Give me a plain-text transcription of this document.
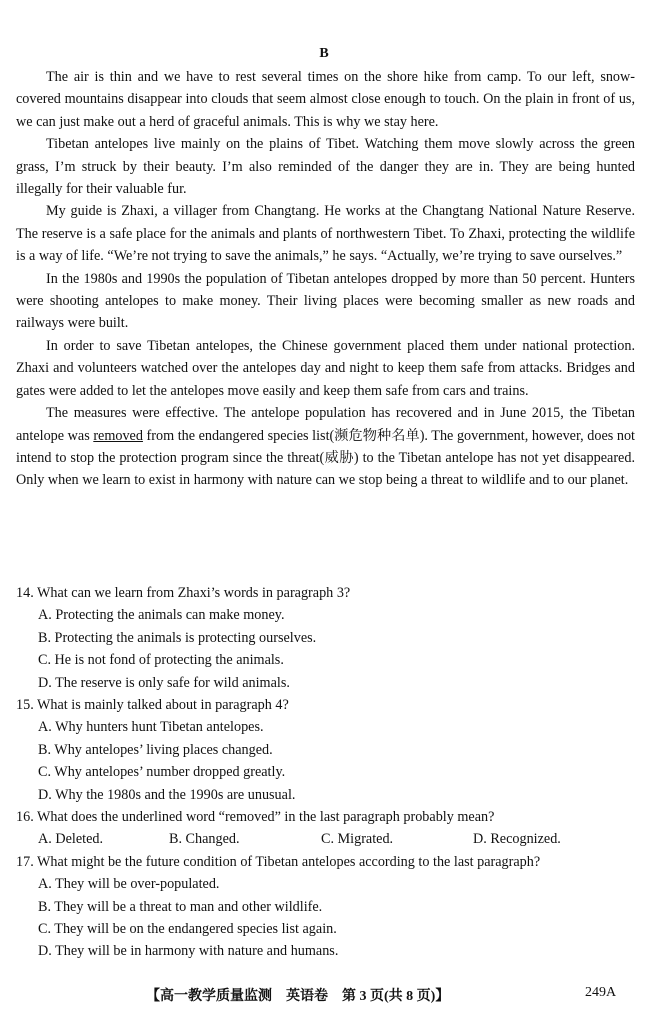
B

The air is thin and we have to rest several times on the shore hike from camp. To our left, snow-covered mountains disappear into clouds that seem almost close enough to touch. On the plain in front of us, we can just make out a herd of graceful animals. This is why we stay here.

Tibetan antelopes live mainly on the plains of Tibet. Watching them move slowly across the green grass, I’m struck by their beauty. I’m also reminded of the danger they are in. They are being hunted illegally for their valuable fur.

My guide is Zhaxi, a villager from Changtang. He works at the Changtang National Nature Reserve. The reserve is a safe place for the animals and plants of northwestern Tibet. To Zhaxi, protecting the wildlife is a way of life. “We’re not trying to save the animals,” he says. “Actually, we’re trying to save ourselves.”

In the 1980s and 1990s the population of Tibetan antelopes dropped by more than 50 percent. Hunters were shooting antelopes to make money. Their living places were becoming smaller as new roads and railways were built.

In order to save Tibetan antelopes, the Chinese government placed them under national protection. Zhaxi and volunteers watched over the antelopes day and night to keep them safe from attacks. Bridges and gates were added to let the antelopes move easily and keep them safe from cars and trains.

The measures were effective. The antelope population has recovered and in June 2015, the Tibetan antelope was removed from the endangered species list(濒危物种名单). The government, however, does not intend to stop the protection program since the threat(威胁) to the Tibetan antelope has not yet disappeared. Only when we learn to exist in harmony with nature can we stop being a threat to wildlife and to our planet.

14. What can we learn from Zhaxi’s words in paragraph 3?

A. Protecting the animals can make money.

B. Protecting the animals is protecting ourselves.

C. He is not fond of protecting the animals.

D. The reserve is only safe for wild animals.

15. What is mainly talked about in paragraph 4?

A. Why hunters hunt Tibetan antelopes.

B. Why antelopes’ living places changed.

C. Why antelopes’ number dropped greatly.

D. Why the 1980s and the 1990s are unusual.

16. What does the underlined word “removed” in the last paragraph probably mean?

A. Deleted.	B. Changed.	C. Migrated.	D. Recognized.

17. What might be the future condition of Tibetan antelopes according to the last paragraph?

A. They will be over-populated.

B. They will be a threat to man and other wildlife.

C. They will be on the endangered species list again.

D. They will be in harmony with nature and humans.

【高一教学质量监测　英语卷　第 3 页(共 8 页)】	249A
